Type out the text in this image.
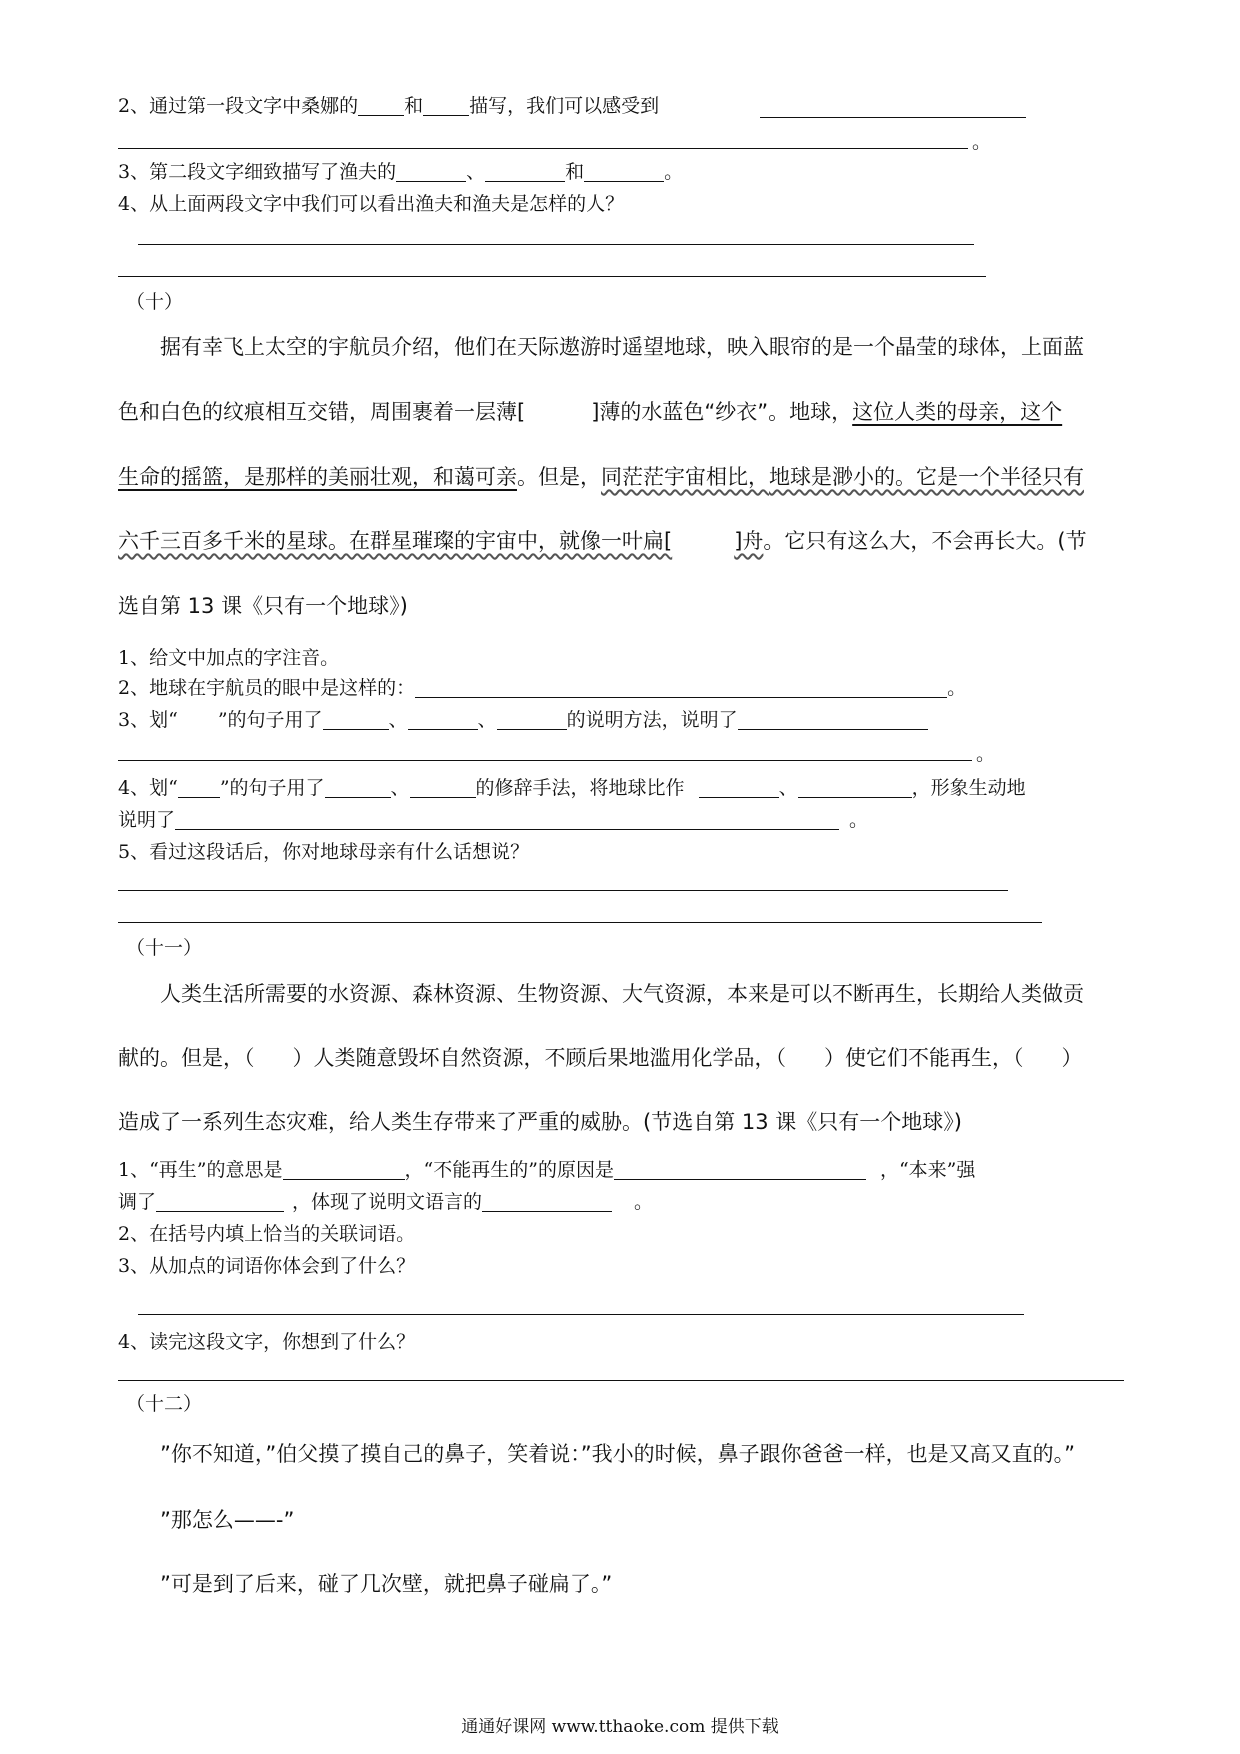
2、通过第一段文字中桑娜的 和 描写，我们可以感受到
。
3、第二段文字细致描写了渔夫的	、	和	。
4、从上面两段文字中我们可以看出渔夫和渔夫是怎样的人？
（十）
据有幸飞上太空的宇航员介绍，他们在天际遨游时遥望地球，映入眼帘的是一个晶莹的球体，上面蓝
色和白色的纹痕相互交错，周围裹着一层薄[	]薄的水蓝色“纱衣”。地球，这位人类的母亲，这个
生命的摇篮，是那样的美丽壮观，和蔼可亲。但是，同茫茫宇宙相比，地球是渺小的。它是一个半径只有
六千三百多千米的星球。在群星璀璨的宇宙中，就像一叶扁[	]舟。它只有这么大，不会再长大。(节
选自第 13 课《只有一个地球》)
1、给文中加点的字注音。
2、地球在宇航员的眼中是这样的：	。
3、划“ ”的句子用了	、	、	的说明方法，说明了
。
4、划“ ”的句子用了	、	的修辞手法，将地球比作	、	，形象生动地
说明了	。
5、看过这段话后，你对地球母亲有什么话想说？
（十一）
人类生活所需要的水资源、森林资源、生物资源、大气资源，本来是可以不断再生，长期给人类做贡
献的。但是，（ ）人类随意毁坏自然资源，不顾后果地滥用化学品，（ ）使它们不能再生，（ ）
造成了一系列生态灾难，给人类生存带来了严重的威胁。(节选自第 13 课《只有一个地球》)
1、“再生”的意思是	，“不能再生的”的原因是	，“本来”强
调了	，体现了说明文语言的	。
2、在括号内填上恰当的关联词语。
3、从加点的词语你体会到了什么？
4、读完这段文字，你想到了什么？
（十二）
”你不知道，”伯父摸了摸自己的鼻子，笑着说：”我小的时候，鼻子跟你爸爸一样，也是又高又直的。”
”那怎么——-”
”可是到了后来，碰了几次壁，就把鼻子碰扁了。”
通通好课网 www.tthaoke.com 提供下载
